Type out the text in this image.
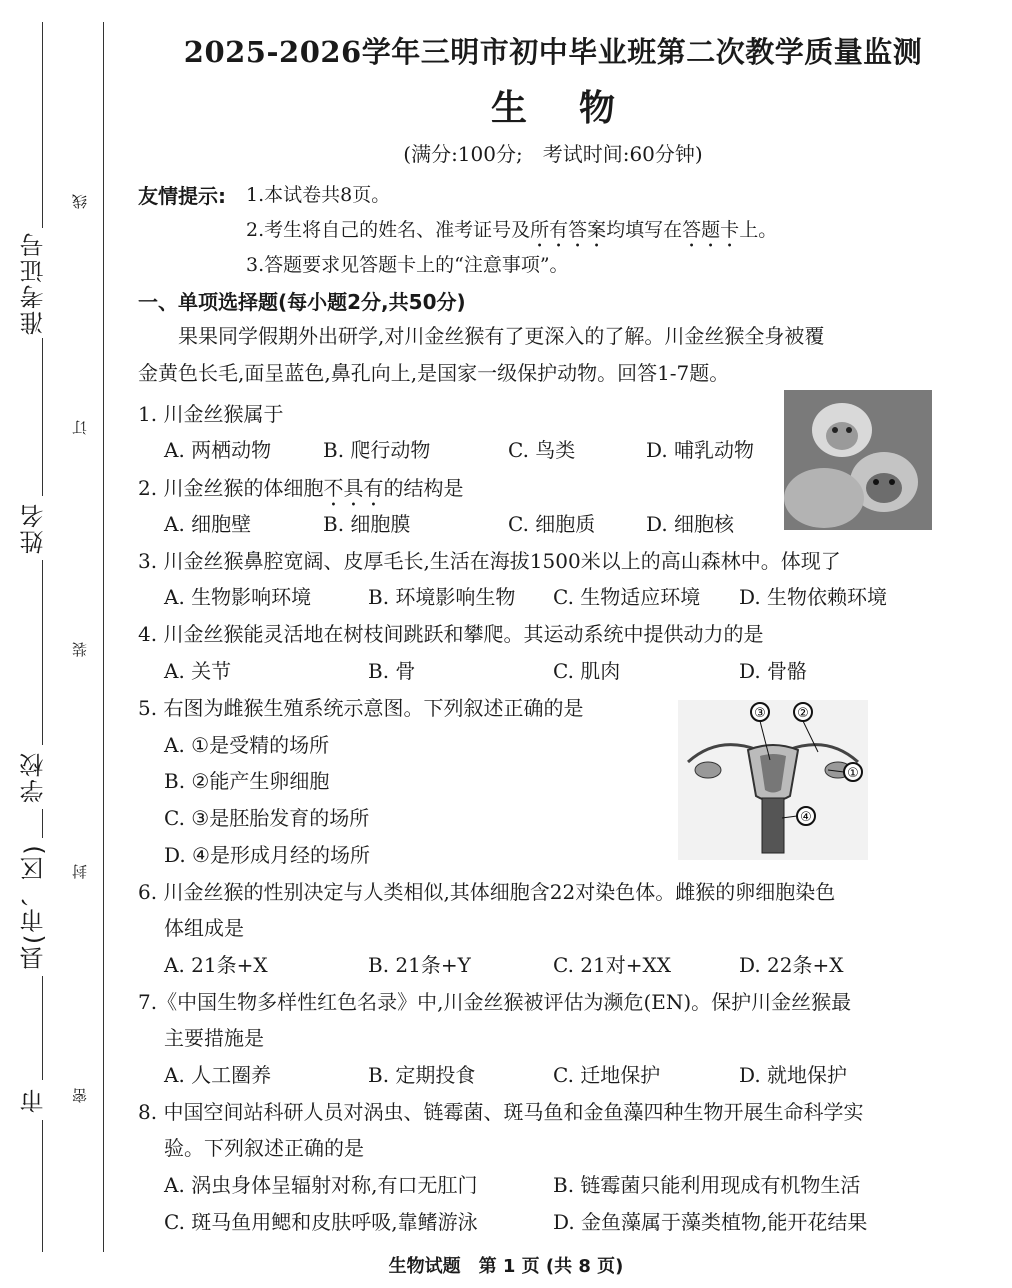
准考证号
姓名
学校
县(市、区)
市
线
订
装
封
密
2025-2026学年三明市初中毕业班第二次教学质量监测
生物
(满分:100分;　考试时间:60分钟)
友情提示: 1.本试卷共8页。
2.考生将自己的姓名、准考证号及所有答案均填写在答题卡上。
3.答题要求见答题卡上的“注意事项”。
一、单项选择题(每小题2分,共50分)
果果同学假期外出研学,对川金丝猴有了更深入的了解。川金丝猴全身被覆
金黄色长毛,面呈蓝色,鼻孔向上,是国家一级保护动物。回答1-7题。
1. 川金丝猴属于
A. 两栖动物	B. 爬行动物	C. 鸟类	D. 哺乳动物
2. 川金丝猴的体细胞不具有的结构是
A. 细胞壁	B. 细胞膜	C. 细胞质	D. 细胞核
3. 川金丝猴鼻腔宽阔、皮厚毛长,生活在海拔1500米以上的高山森林中。体现了
A. 生物影响环境	B. 环境影响生物 C. 生物适应环境 D. 生物依赖环境
4. 川金丝猴能灵活地在树枝间跳跃和攀爬。其运动系统中提供动力的是
A. 关节	B. 骨	C. 肌肉	D. 骨骼
5. 右图为雌猴生殖系统示意图。下列叙述正确的是
A. ①是受精的场所
B. ②能产生卵细胞
C. ③是胚胎发育的场所
D. ④是形成月经的场所
③ ②
①
④
6. 川金丝猴的性别决定与人类相似,其体细胞含22对染色体。雌猴的卵细胞染色
体组成是
A. 21条+X	B. 21条+Y	C. 21对+XX	D. 22条+X
7.《中国生物多样性红色名录》中,川金丝猴被评估为濒危(EN)。保护川金丝猴最
主要措施是
A. 人工圈养	B. 定期投食	C. 迁地保护	D. 就地保护
8. 中国空间站科研人员对涡虫、链霉菌、斑马鱼和金鱼藻四种生物开展生命科学实
验。下列叙述正确的是
A. 涡虫身体呈辐射对称,有口无肛门	B. 链霉菌只能利用现成有机物生活
C. 斑马鱼用鳃和皮肤呼吸,靠鳍游泳	D. 金鱼藻属于藻类植物,能开花结果
生物试题　第 1 页 (共 8 页)
